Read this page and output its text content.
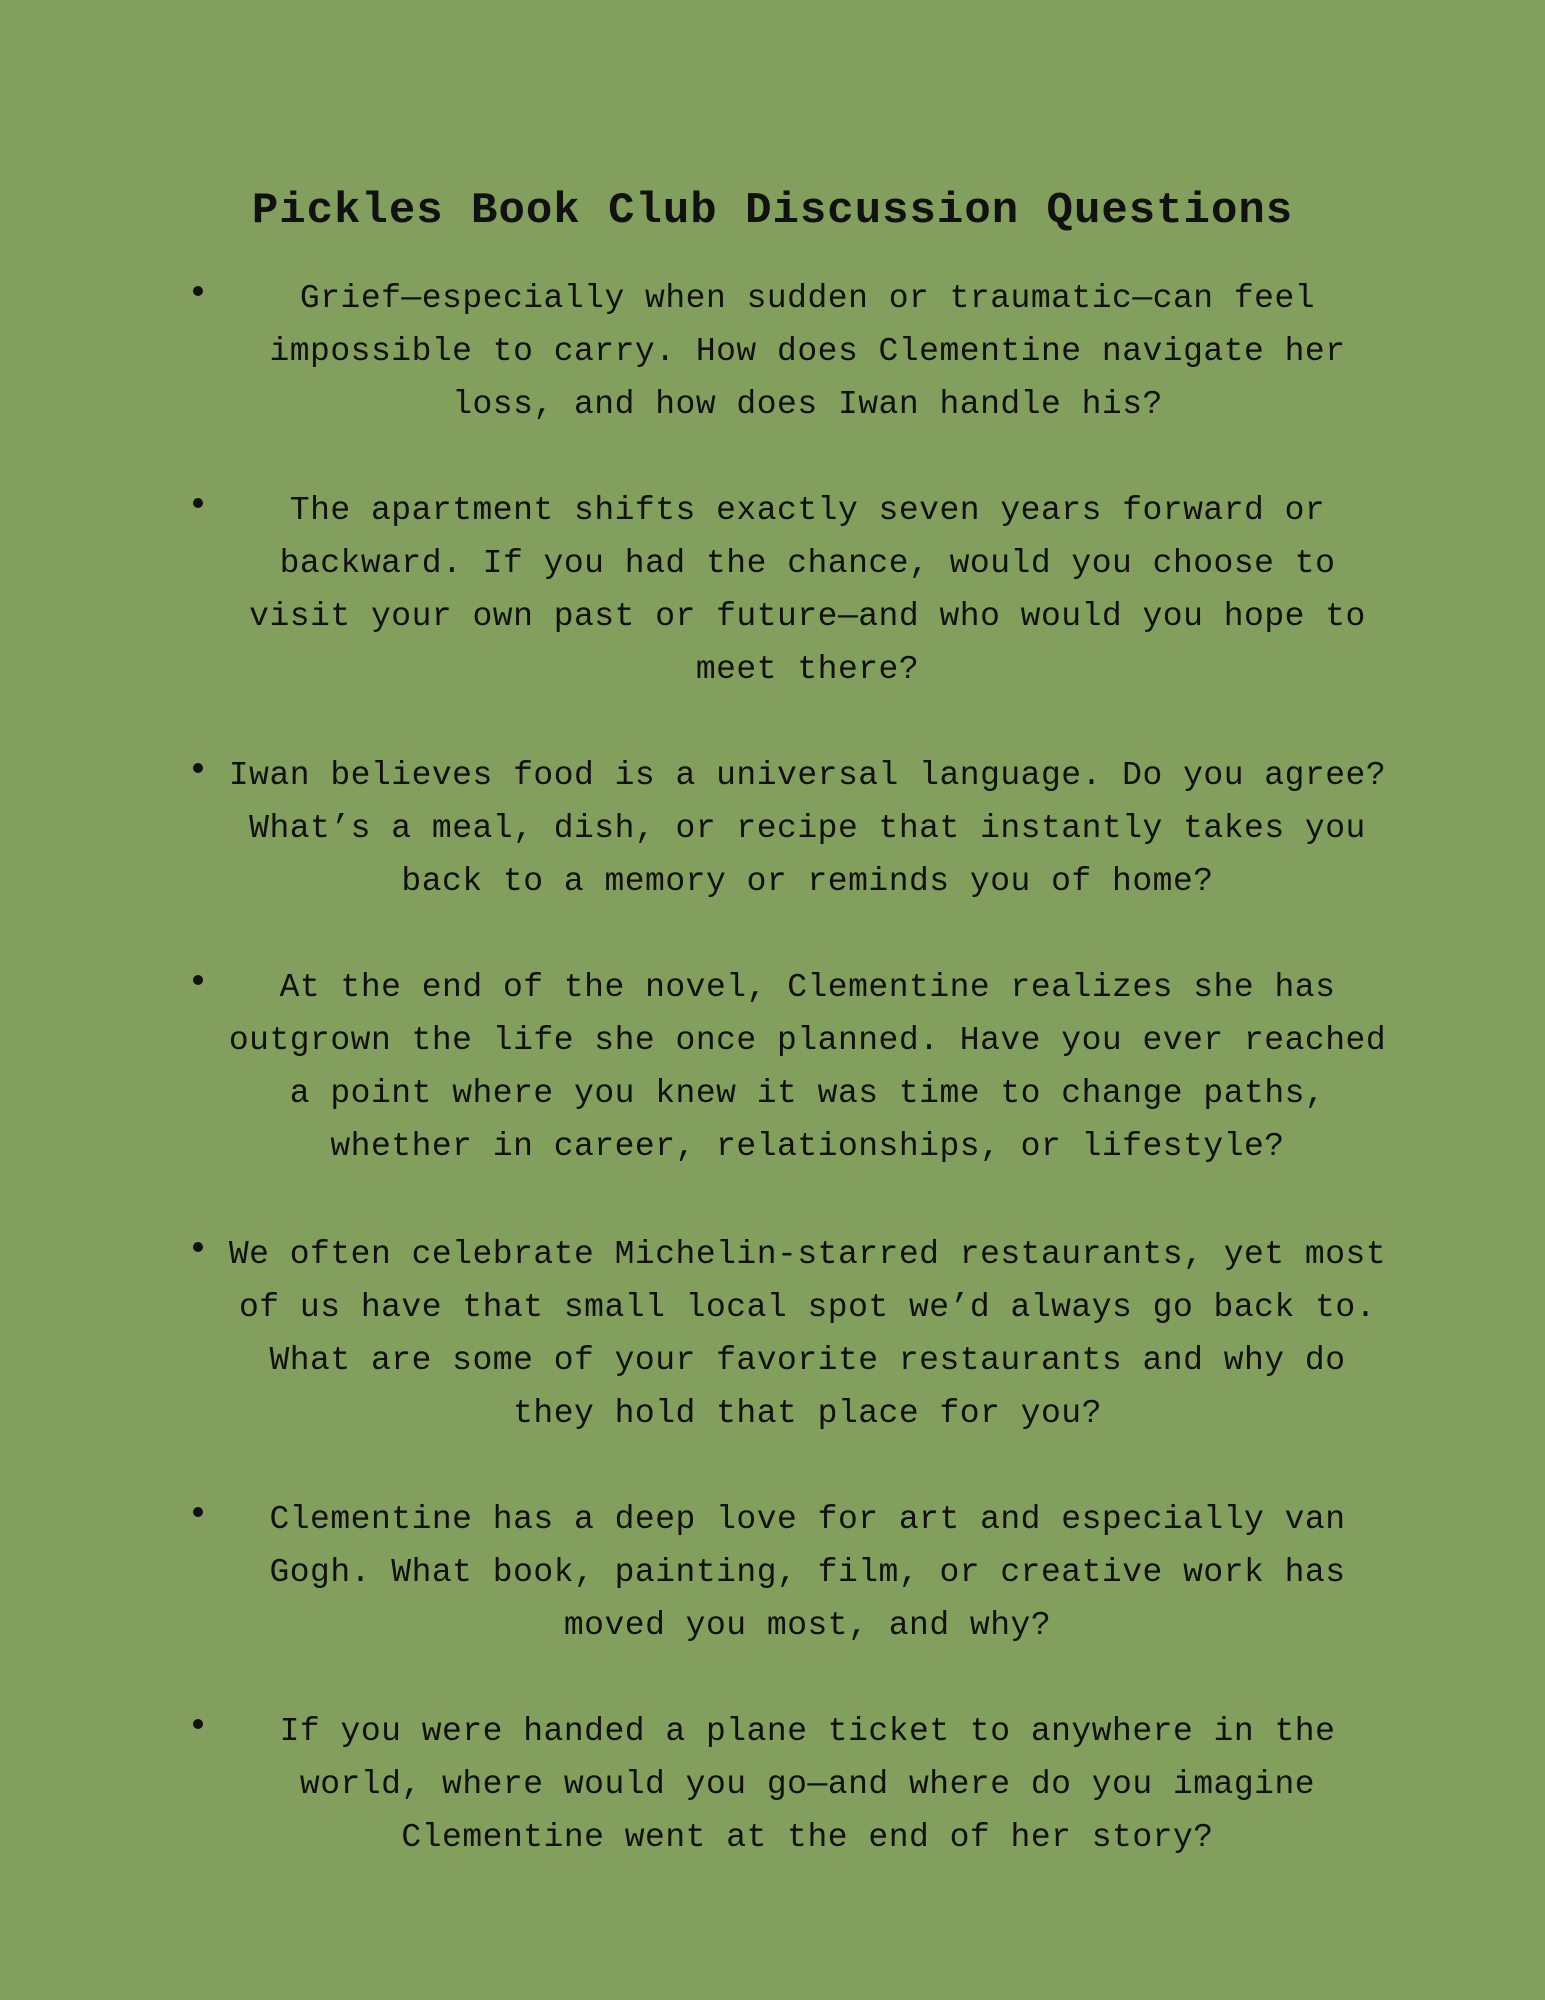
Pickles Book Club Discussion Questions

Grief—especially when sudden or traumatic—can feel impossible to carry. How does Clementine navigate her loss, and how does Iwan handle his?

The apartment shifts exactly seven years forward or backward. If you had the chance, would you choose to visit your own past or future—and who would you hope to meet there?

Iwan believes food is a universal language. Do you agree? What’s a meal, dish, or recipe that instantly takes you back to a memory or reminds you of home?

At the end of the novel, Clementine realizes she has outgrown the life she once planned. Have you ever reached a point where you knew it was time to change paths, whether in career, relationships, or lifestyle?

We often celebrate Michelin-starred restaurants, yet most of us have that small local spot we’d always go back to. What are some of your favorite restaurants and why do they hold that place for you?

Clementine has a deep love for art and especially van Gogh. What book, painting, film, or creative work has moved you most, and why?

If you were handed a plane ticket to anywhere in the world, where would you go—and where do you imagine Clementine went at the end of her story?
